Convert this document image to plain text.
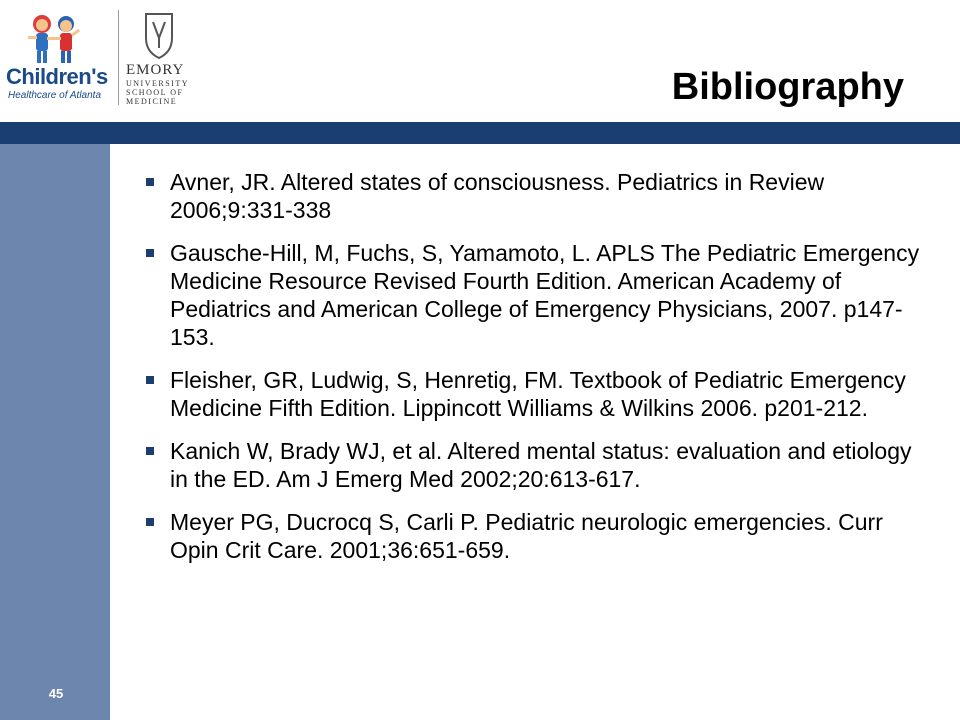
Children's
Healthcare of Atlanta
EMORY
UNIVERSITY
SCHOOL OF
MEDICINE	Bibliography
Avner, JR. Altered states of consciousness. Pediatrics in Review 2006;9:331-338
Gausche-Hill, M, Fuchs, S, Yamamoto, L. APLS The Pediatric Emergency Medicine Resource Revised Fourth Edition. American Academy of Pediatrics and American College of Emergency Physicians, 2007. p147-153.
Fleisher, GR, Ludwig, S, Henretig, FM. Textbook of Pediatric Emergency Medicine Fifth Edition. Lippincott Williams & Wilkins 2006. p201-212.
Kanich W, Brady WJ, et al. Altered mental status: evaluation and etiology in the ED. Am J Emerg Med 2002;20:613-617.
Meyer PG, Ducrocq S, Carli P. Pediatric neurologic emergencies. Curr Opin Crit Care. 2001;36:651-659.
45
